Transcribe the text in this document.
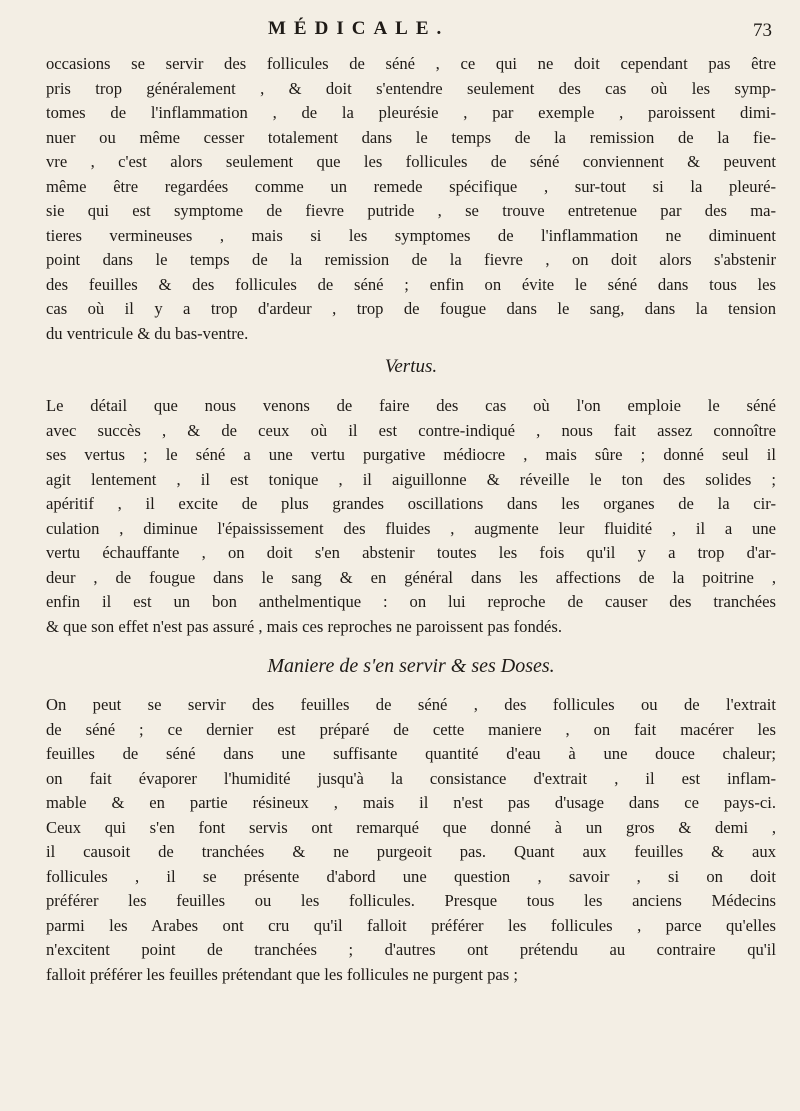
MÉDICALE.	73

occasions se servir des follicules de séné , ce qui ne doit cependant pas être
pris trop généralement , & doit s'entendre seulement des cas où les symp-
tomes de l'inflammation , de la pleurésie , par exemple , paroissent dimi-
nuer ou même cesser totalement dans le temps de la remission de la fie-
vre , c'est alors seulement que les follicules de séné conviennent & peuvent
même être regardées comme un remede spécifique , sur-tout si la pleuré-
sie qui est symptome de fievre putride , se trouve entretenue par des ma-
tieres vermineuses , mais si les symptomes de l'inflammation ne diminuent
point dans le temps de la remission de la fievre , on doit alors s'abstenir
des feuilles & des follicules de séné ; enfin on évite le séné dans tous les
cas où il y a trop d'ardeur , trop de fougue dans le sang, dans la tension
du ventricule & du bas-ventre.

Vertus.

Le détail que nous venons de faire des cas où l'on emploie le séné
avec succès , & de ceux où il est contre-indiqué , nous fait assez connoître
ses vertus ; le séné a une vertu purgative médiocre , mais sûre ; donné seul il
agit lentement , il est tonique , il aiguillonne & réveille le ton des solides ;
apéritif , il excite de plus grandes oscillations dans les organes de la cir-
culation , diminue l'épaississement des fluides , augmente leur fluidité , il a une
vertu échauffante , on doit s'en abstenir toutes les fois qu'il y a trop d'ar-
deur , de fougue dans le sang & en général dans les affections de la poitrine ,
enfin il est un bon anthelmentique : on lui reproche de causer des tranchées
& que son effet n'est pas assuré , mais ces reproches ne paroissent pas fondés.

Maniere de s'en servir & ses Doses.

On peut se servir des feuilles de séné , des follicules ou de l'extrait
de séné ; ce dernier est préparé de cette maniere , on fait macérer les
feuilles de séné dans une suffisante quantité d'eau à une douce chaleur;
on fait évaporer l'humidité jusqu'à la consistance d'extrait , il est inflam-
mable & en partie résineux , mais il n'est pas d'usage dans ce pays-ci.
Ceux qui s'en font servis ont remarqué que donné à un gros & demi ,
il causoit de tranchées & ne purgeoit pas. Quant aux feuilles & aux
follicules , il se présente d'abord une question , savoir , si on doit
préférer les feuilles ou les follicules. Presque tous les anciens Médecins
parmi les Arabes ont cru qu'il falloit préférer les follicules , parce qu'elles
n'excitent point de tranchées ; d'autres ont prétendu au contraire qu'il
falloit préférer les feuilles prétendant que les follicules ne purgent pas ;
